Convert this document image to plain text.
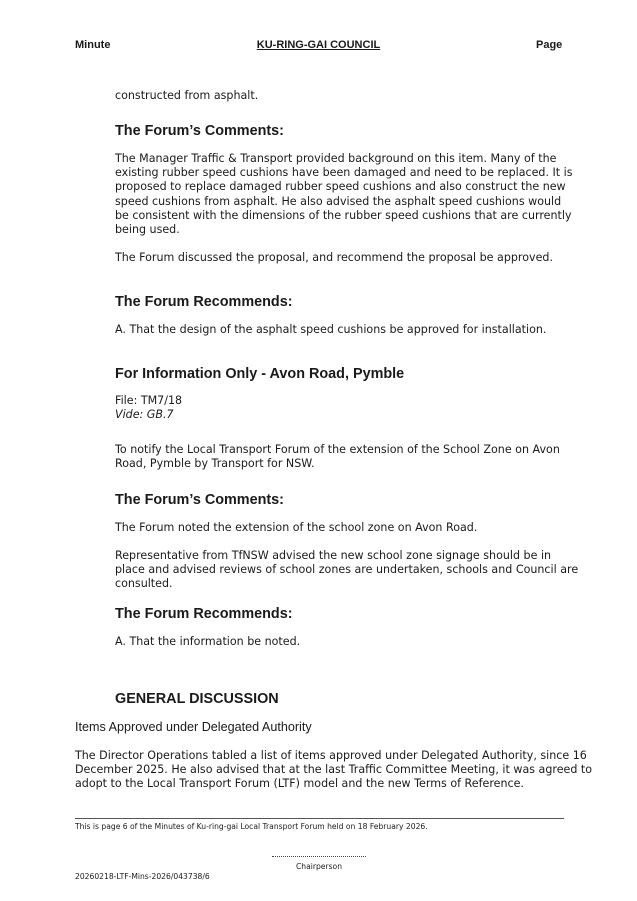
Minute	KU-RING-GAI COUNCIL	Page

constructed from asphalt.

The Forum’s Comments:
The Manager Traffic & Transport provided background on this item. Many of the
existing rubber speed cushions have been damaged and need to be replaced. It is
proposed to replace damaged rubber speed cushions and also construct the new
speed cushions from asphalt. He also advised the asphalt speed cushions would
be consistent with the dimensions of the rubber speed cushions that are currently
being used.

The Forum discussed the proposal, and recommend the proposal be approved.

The Forum Recommends:

A. That the design of the asphalt speed cushions be approved for installation.

For Information Only - Avon Road, Pymble

File: TM7/18

Vide: GB.7

To notify the Local Transport Forum of the extension of the School Zone on Avon
Road, Pymble by Transport for NSW.
The Forum’s Comments:

The Forum noted the extension of the school zone on Avon Road.

Representative from TfNSW advised the new school zone signage should be in
place and advised reviews of school zones are undertaken, schools and Council are
consulted.
The Forum Recommends:

A. That the information be noted.

GENERAL DISCUSSION
Items Approved under Delegated Authority
The Director Operations tabled a list of items approved under Delegated Authority, since 16
December 2025. He also advised that at the last Traffic Committee Meeting, it was agreed to
adopt to the Local Transport Forum (LTF) model and the new Terms of Reference.

This is page 6 of the Minutes of Ku-ring-gai Local Transport Forum held on 18 February 2026.

Chairperson

20260218-LTF-Mins-2026/043738/6
